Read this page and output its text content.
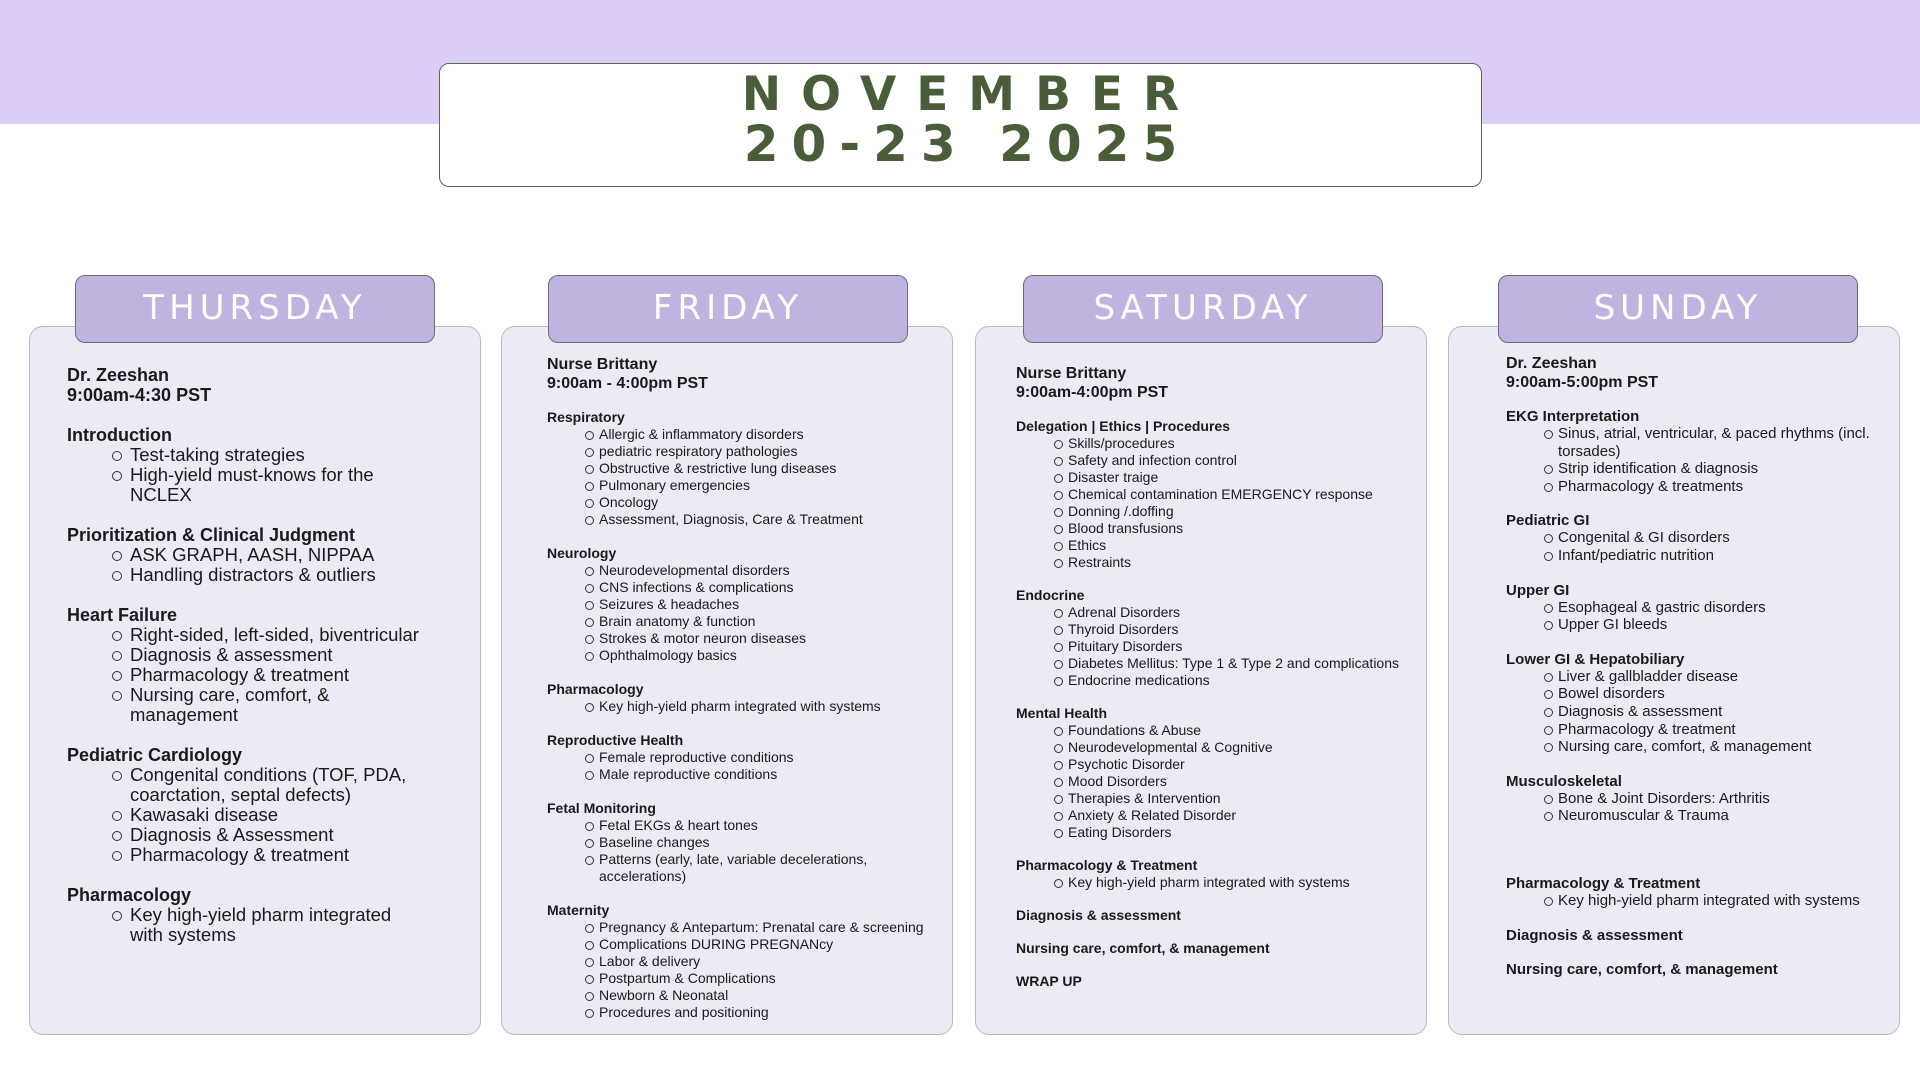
NOVEMBER
20-23 2025
THURSDAY	FRIDAY	SATURDAY	SUNDAY
Dr. Zeeshan
9:00am-4:30 PST
Introduction
Test-taking strategies
High-yield must-knows for the NCLEX
Prioritization & Clinical Judgment
ASK GRAPH, AASH, NIPPAA
Handling distractors & outliers
Heart Failure
Right-sided, left-sided, biventricular
Diagnosis & assessment
Pharmacology & treatment
Nursing care, comfort, & management
Pediatric Cardiology
Congenital conditions (TOF, PDA, coarctation, septal defects)
Kawasaki disease
Diagnosis & Assessment
Pharmacology & treatment
Pharmacology
Key high-yield pharm integrated with systems
Nurse Brittany
9:00am - 4:00pm PST
Respiratory
Allergic & inflammatory disorders
pediatric respiratory pathologies
Obstructive & restrictive lung diseases
Pulmonary emergencies
Oncology
Assessment, Diagnosis, Care & Treatment
Neurology
Neurodevelopmental disorders
CNS infections & complications
Seizures & headaches
Brain anatomy & function
Strokes & motor neuron diseases
Ophthalmology basics
Pharmacology
Key high-yield pharm integrated with systems
Reproductive Health
Female reproductive conditions
Male reproductive conditions
Fetal Monitoring
Fetal EKGs & heart tones
Baseline changes
Patterns (early, late, variable decelerations, accelerations)
Maternity
Pregnancy & Antepartum: Prenatal care & screening
Complications DURING PREGNANcy
Labor & delivery
Postpartum & Complications
Newborn & Neonatal
Procedures and positioning
Nurse Brittany
9:00am-4:00pm PST
Delegation | Ethics | Procedures
Skills/procedures
Safety and infection control
Disaster traige
Chemical contamination EMERGENCY response
Donning /.doffing
Blood transfusions
Ethics
Restraints
Endocrine
Adrenal Disorders
Thyroid Disorders
Pituitary Disorders
Diabetes Mellitus: Type 1 & Type 2 and complications
Endocrine medications
Mental Health
Foundations & Abuse
Neurodevelopmental & Cognitive
Psychotic Disorder
Mood Disorders
Therapies & Intervention
Anxiety & Related Disorder
Eating Disorders
Pharmacology & Treatment
Key high-yield pharm integrated with systems
Diagnosis & assessment
Nursing care, comfort, & management
WRAP UP
Dr. Zeeshan
9:00am-5:00pm PST
EKG Interpretation
Sinus, atrial, ventricular, & paced rhythms (incl. torsades)
Strip identification & diagnosis
Pharmacology & treatments
Pediatric GI
Congenital & GI disorders
Infant/pediatric nutrition
Upper GI
Esophageal & gastric disorders
Upper GI bleeds
Lower GI & Hepatobiliary
Liver & gallbladder disease
Bowel disorders
Diagnosis & assessment
Pharmacology & treatment
Nursing care, comfort, & management
Musculoskeletal
Bone & Joint Disorders: Arthritis
Neuromuscular & Trauma
Pharmacology & Treatment
Key high-yield pharm integrated with systems
Diagnosis & assessment
Nursing care, comfort, & management
